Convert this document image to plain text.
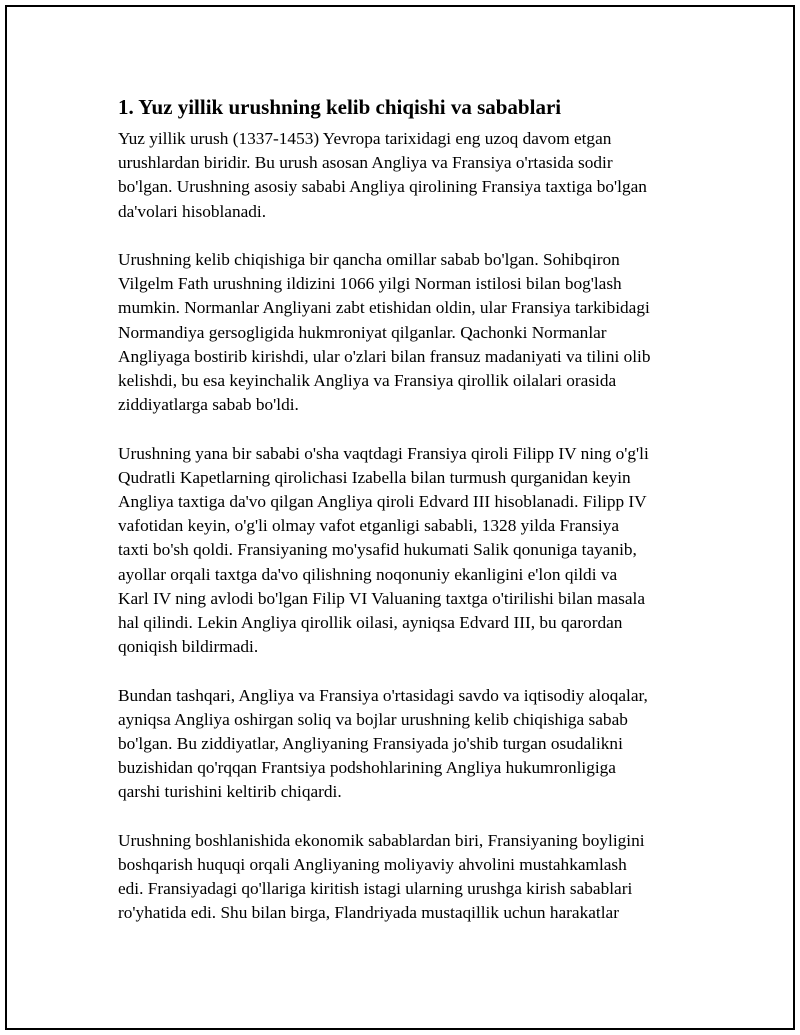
1. Yuz yillik urushning kelib chiqishi va sabablari

Yuz yillik urush (1337-1453) Yevropa tarixidagi eng uzoq davom etgan
urushlardan biridir. Bu urush asosan Angliya va Fransiya o'rtasida sodir
bo'lgan. Urushning asosiy sababi Angliya qirolining Fransiya taxtiga bo'lgan
da'volari hisoblanadi.

Urushning kelib chiqishiga bir qancha omillar sabab bo'lgan. Sohibqiron
Vilgelm Fath urushning ildizini 1066 yilgi Norman istilosi bilan bog'lash
mumkin. Normanlar Angliyani zabt etishidan oldin, ular Fransiya tarkibidagi
Normandiya gersogligida hukmroniyat qilganlar. Qachonki Normanlar
Angliyaga bostirib kirishdi, ular o'zlari bilan fransuz madaniyati va tilini olib
kelishdi, bu esa keyinchalik Angliya va Fransiya qirollik oilalari orasida
ziddiyatlarga sabab bo'ldi.

Urushning yana bir sababi o'sha vaqtdagi Fransiya qiroli Filipp IV ning o'g'li
Qudratli Kapetlarning qirolichasi Izabella bilan turmush qurganidan keyin
Angliya taxtiga da'vo qilgan Angliya qiroli Edvard III hisoblanadi. Filipp IV
vafotidan keyin, o'g'li olmay vafot etganligi sababli, 1328 yilda Fransiya
taxti bo'sh qoldi. Fransiyaning mo'ysafid hukumati Salik qonuniga tayanib,
ayollar orqali taxtga da'vo qilishning noqonuniy ekanligini e'lon qildi va
Karl IV ning avlodi bo'lgan Filip VI Valuaning taxtga o'tirilishi bilan masala
hal qilindi. Lekin Angliya qirollik oilasi, ayniqsa Edvard III, bu qarordan
qoniqish bildirmadi.

Bundan tashqari, Angliya va Fransiya o'rtasidagi savdo va iqtisodiy aloqalar,
ayniqsa Angliya oshirgan soliq va bojlar urushning kelib chiqishiga sabab
bo'lgan. Bu ziddiyatlar, Angliyaning Fransiyada jo'shib turgan osudalikni
buzishidan qo'rqqan Frantsiya podshohlarining Angliya hukumronligiga
qarshi turishini keltirib chiqardi.

Urushning boshlanishida ekonomik sabablardan biri, Fransiyaning boyligini
boshqarish huquqi orqali Angliyaning moliyaviy ahvolini mustahkamlash
edi. Fransiyadagi qo'llariga kiritish istagi ularning urushga kirish sabablari
ro'yhatida edi. Shu bilan birga, Flandriyada mustaqillik uchun harakatlar
